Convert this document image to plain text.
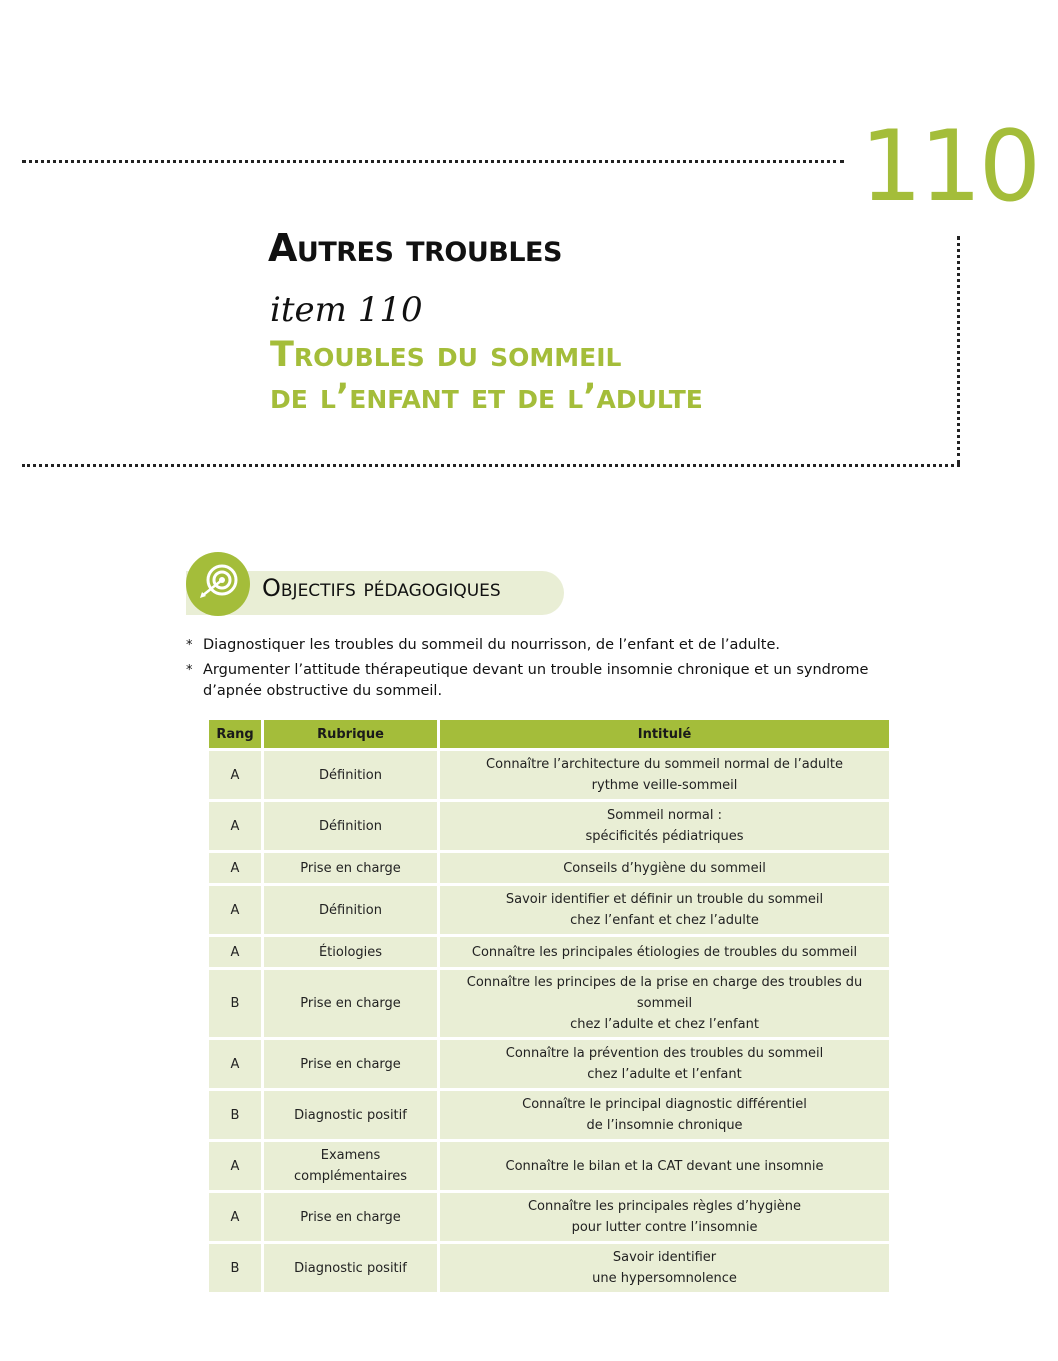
110
Autres troubles
item 110
Troubles du sommeil
de l’enfant et de l’adulte
Objectifs pédagogiques
* Diagnostiquer les troubles du sommeil du nourrisson, de l’enfant et de l’adulte.
* Argumenter l’attitude thérapeutique devant un trouble insomnie chronique et un syndrome d’apnée obstructive du sommeil.
Rang	Rubrique	Intitulé
A	Définition	Connaître l’architecture du sommeil normal de l’adulte
rythme veille-sommeil

A	Définition	Sommeil normal :
spécificités pédiatriques

A	Prise en charge	Conseils d’hygiène du sommeil

A	Définition	Savoir identifier et définir un trouble du sommeil
chez l’enfant et chez l’adulte

A	Étiologies	Connaître les principales étiologies de troubles du sommeil

B	Prise en charge	Connaître les principes de la prise en charge des troubles du sommeil
chez l’adulte et chez l’enfant

A	Prise en charge	Connaître la prévention des troubles du sommeil
chez l’adulte et l’enfant

B	Diagnostic positif	Connaître le principal diagnostic différentiel
de l’insomnie chronique

A	Examens complémentaires	Connaître le bilan et la CAT devant une insomnie

A	Prise en charge	Connaître les principales règles d’hygiène
pour lutter contre l’insomnie

B	Diagnostic positif	Savoir identifier
une hypersomnolence
